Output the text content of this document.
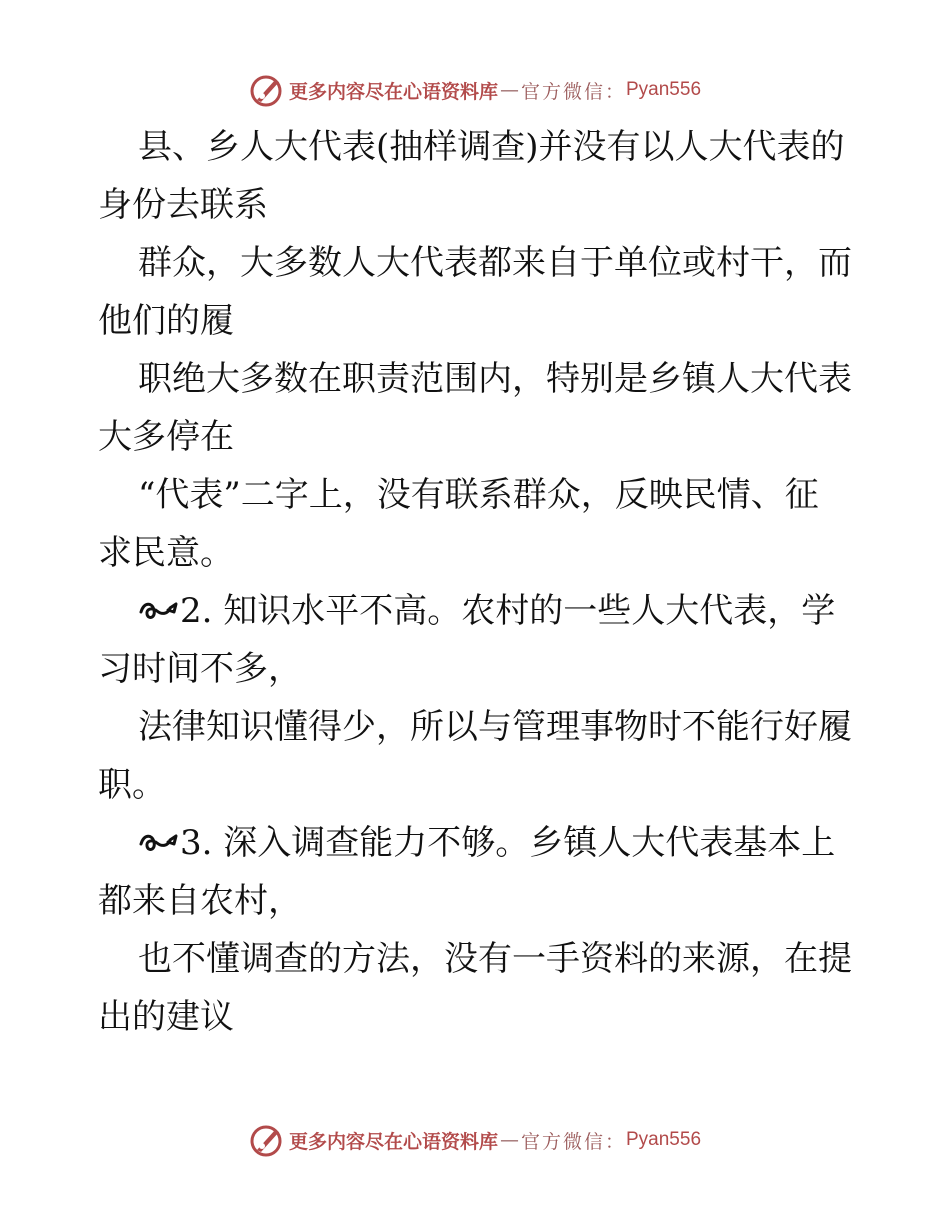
更多内容尽在心语资料库 — 官方微信： Pyan556

县、乡人大代表(抽样调查)并没有以人大代表的
身份去联系

群众，大多数人大代表都来自于单位或村干，而
他们的履

职绝大多数在职责范围内，特别是乡镇人大代表
大多停在

“代表”二字上，没有联系群众，反映民情、征
求民意。

2. 知识水平不高。农村的一些人大代表，学
习时间不多，

法律知识懂得少，所以与管理事物时不能行好履
职。

3. 深入调查能力不够。乡镇人大代表基本上
都来自农村，

也不懂调查的方法，没有一手资料的来源，在提
出的建议

更多内容尽在心语资料库 — 官方微信： Pyan556
